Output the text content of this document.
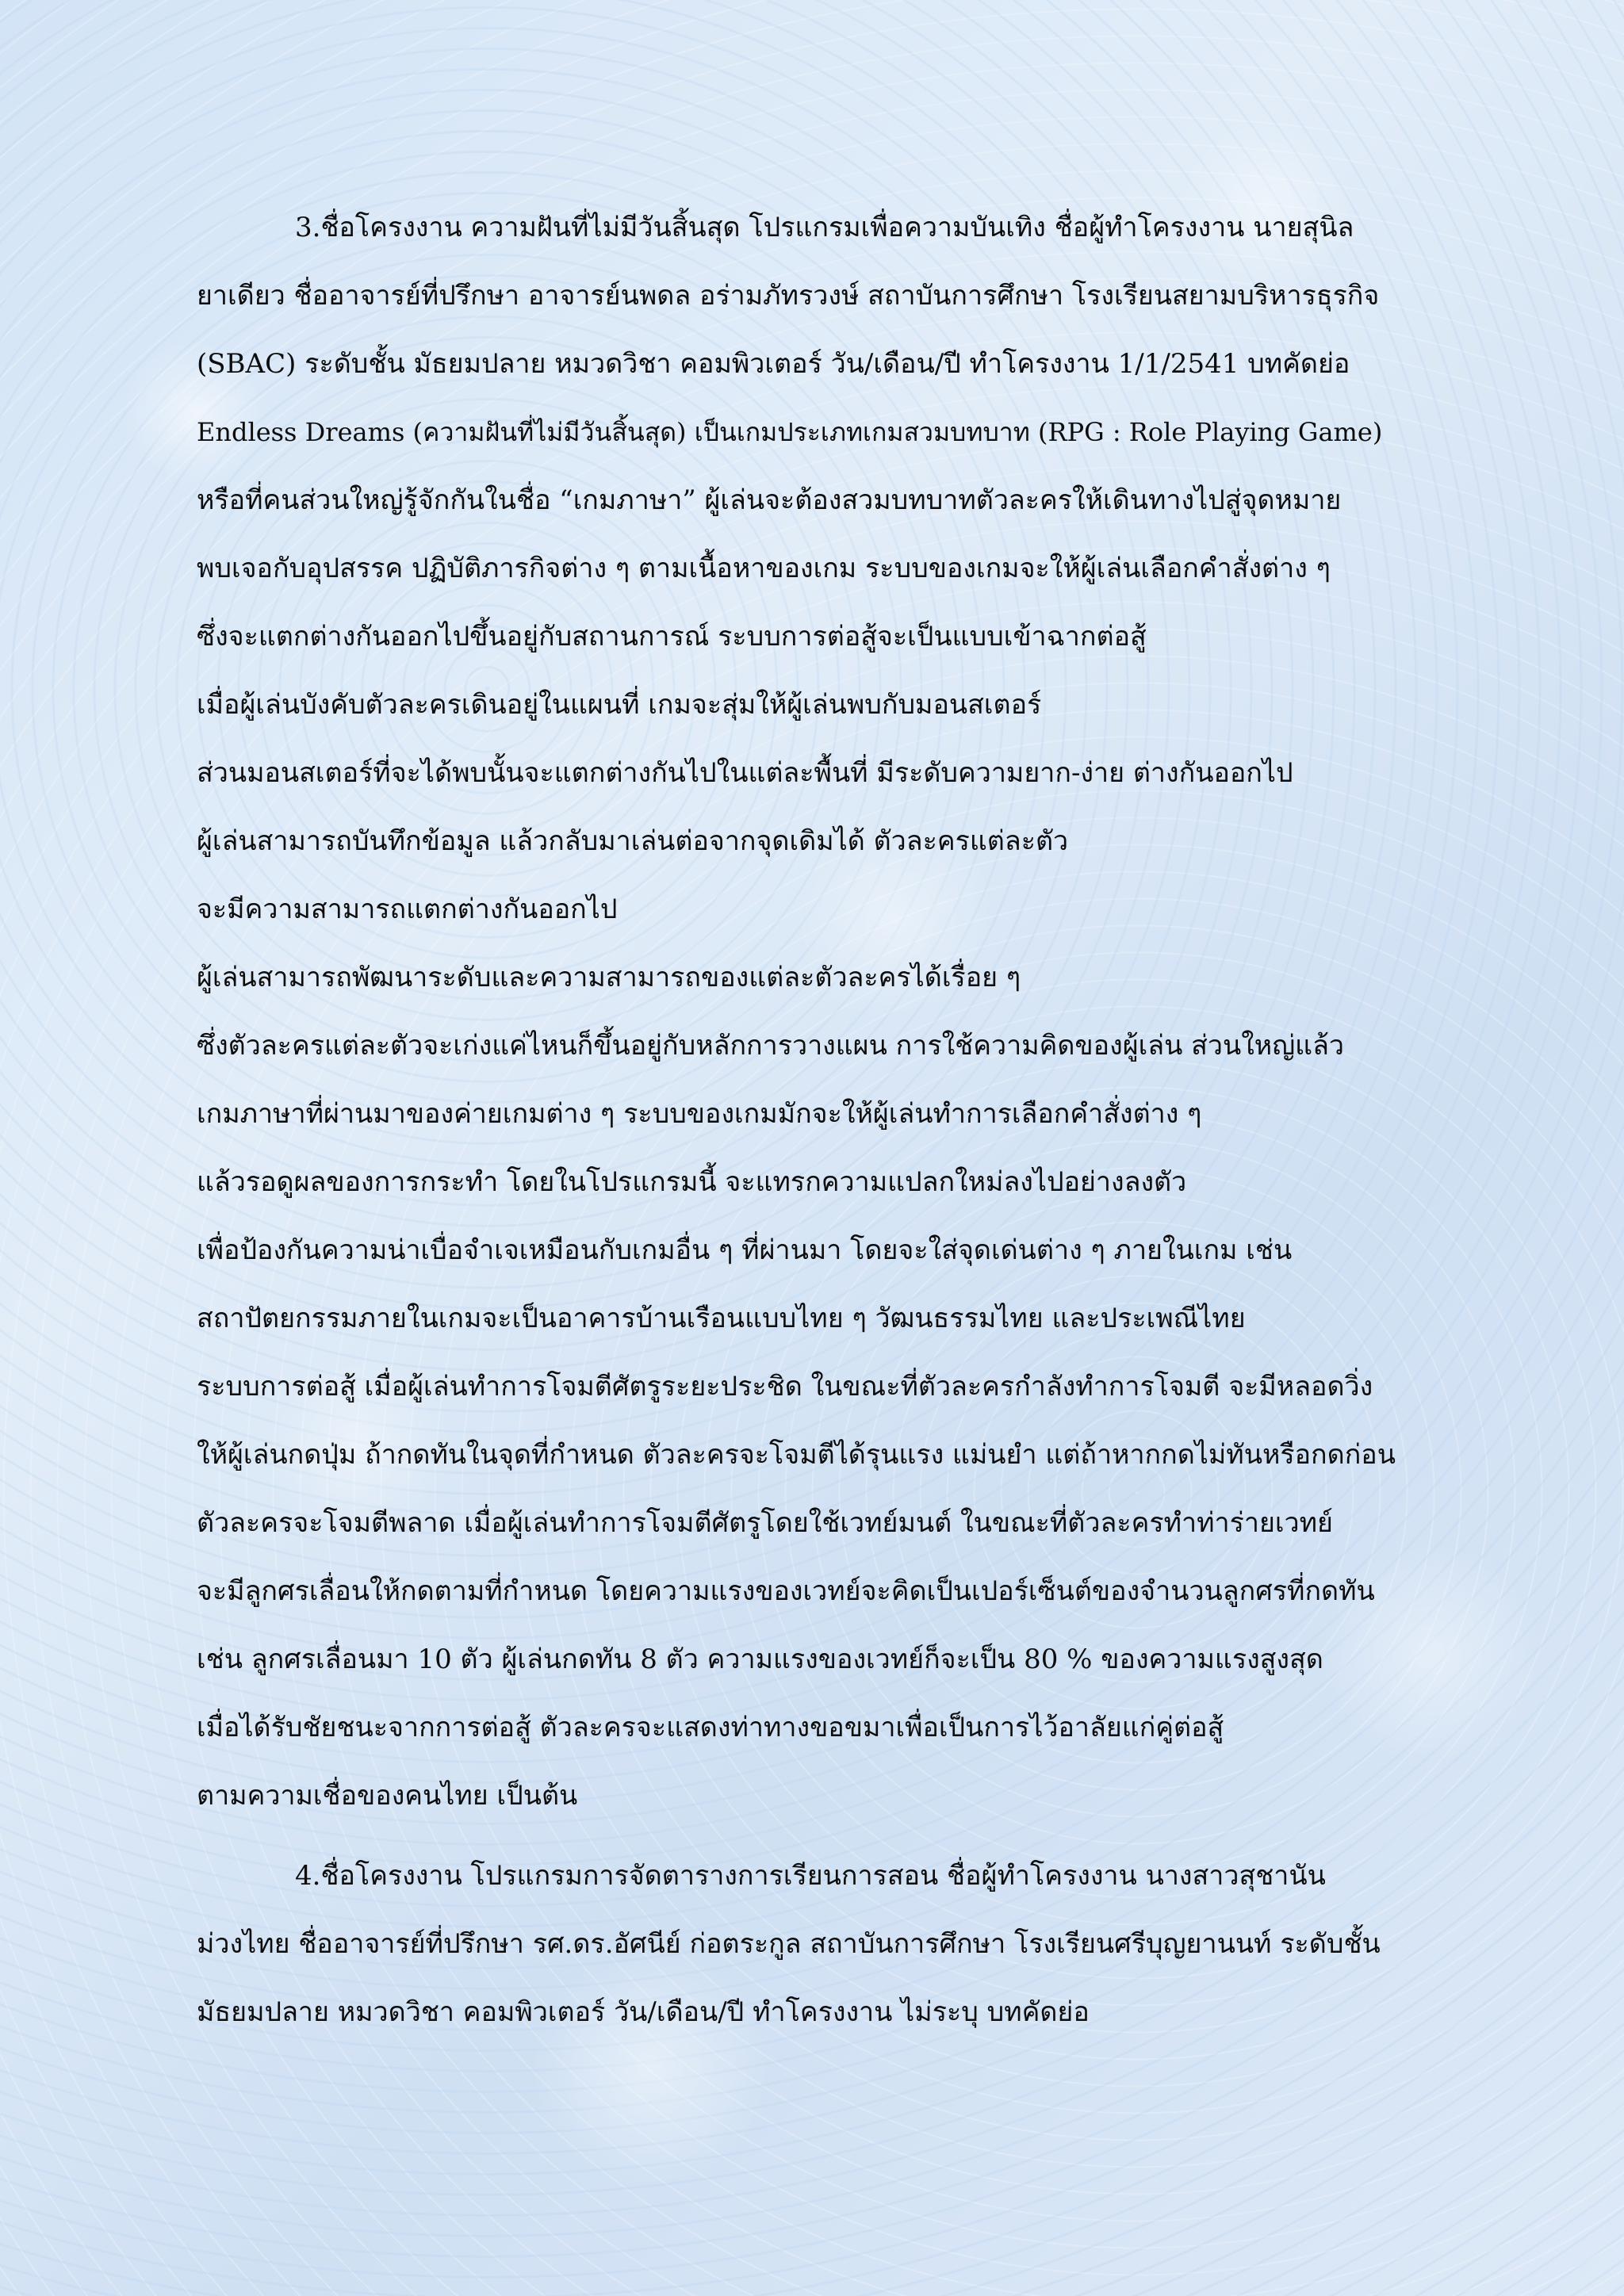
3.ชื่อโครงงาน ความฝันที่ไม่มีวันสิ้นสุด โปรแกรมเพื่อความบันเทิง ชื่อผู้ทำโครงงาน นายสุนิล
ยาเดียว ชื่ออาจารย์ที่ปรึกษา อาจารย์นพดล อร่ามภัทรวงษ์ สถาบันการศึกษา โรงเรียนสยามบริหารธุรกิจ
(SBAC) ระดับชั้น มัธยมปลาย หมวดวิชา คอมพิวเตอร์ วัน/เดือน/ปี ทำโครงงาน 1/1/2541 บทคัดย่อ
Endless Dreams (ความฝันที่ไม่มีวันสิ้นสุด) เป็นเกมประเภทเกมสวมบทบาท (RPG : Role Playing Game)
หรือที่คนส่วนใหญ่รู้จักกันในชื่อ “เกมภาษา” ผู้เล่นจะต้องสวมบทบาทตัวละครให้เดินทางไปสู่จุดหมาย
พบเจอกับอุปสรรค ปฏิบัติภารกิจต่าง ๆ ตามเนื้อหาของเกม ระบบของเกมจะให้ผู้เล่นเลือกคำสั่งต่าง ๆ
ซึ่งจะแตกต่างกันออกไปขึ้นอยู่กับสถานการณ์ ระบบการต่อสู้จะเป็นแบบเข้าฉากต่อสู้
เมื่อผู้เล่นบังคับตัวละครเดินอยู่ในแผนที่ เกมจะสุ่มให้ผู้เล่นพบกับมอนสเตอร์
ส่วนมอนสเตอร์ที่จะได้พบนั้นจะแตกต่างกันไปในแต่ละพื้นที่ มีระดับความยาก-ง่าย ต่างกันออกไป
ผู้เล่นสามารถบันทึกข้อมูล แล้วกลับมาเล่นต่อจากจุดเดิมได้ ตัวละครแต่ละตัว
จะมีความสามารถแตกต่างกันออกไป
ผู้เล่นสามารถพัฒนาระดับและความสามารถของแต่ละตัวละครได้เรื่อย ๆ
ซึ่งตัวละครแต่ละตัวจะเก่งแค่ไหนก็ขึ้นอยู่กับหลักการวางแผน การใช้ความคิดของผู้เล่น ส่วนใหญ่แล้ว
เกมภาษาที่ผ่านมาของค่ายเกมต่าง ๆ ระบบของเกมมักจะให้ผู้เล่นทำการเลือกคำสั่งต่าง ๆ
แล้วรอดูผลของการกระทำ โดยในโปรแกรมนี้ จะแทรกความแปลกใหม่ลงไปอย่างลงตัว
เพื่อป้องกันความน่าเบื่อจำเจเหมือนกับเกมอื่น ๆ ที่ผ่านมา โดยจะใส่จุดเด่นต่าง ๆ ภายในเกม เช่น
สถาปัตยกรรมภายในเกมจะเป็นอาคารบ้านเรือนแบบไทย ๆ วัฒนธรรมไทย และประเพณีไทย
ระบบการต่อสู้ เมื่อผู้เล่นทำการโจมตีศัตรูระยะประชิด ในขณะที่ตัวละครกำลังทำการโจมตี จะมีหลอดวิ่ง
ให้ผู้เล่นกดปุ่ม ถ้ากดทันในจุดที่กำหนด ตัวละครจะโจมตีได้รุนแรง แม่นยำ แต่ถ้าหากกดไม่ทันหรือกดก่อน
ตัวละครจะโจมตีพลาด เมื่อผู้เล่นทำการโจมตีศัตรูโดยใช้เวทย์มนต์ ในขณะที่ตัวละครทำท่าร่ายเวทย์
จะมีลูกศรเลื่อนให้กดตามที่กำหนด โดยความแรงของเวทย์จะคิดเป็นเปอร์เซ็นต์ของจำนวนลูกศรที่กดทัน
เช่น ลูกศรเลื่อนมา 10 ตัว ผู้เล่นกดทัน 8 ตัว ความแรงของเวทย์ก็จะเป็น 80 % ของความแรงสูงสุด
เมื่อได้รับชัยชนะจากการต่อสู้ ตัวละครจะแสดงท่าทางขอขมาเพื่อเป็นการไว้อาลัยแก่คู่ต่อสู้
ตามความเชื่อของคนไทย เป็นต้น
4.ชื่อโครงงาน โปรแกรมการจัดตารางการเรียนการสอน ชื่อผู้ทำโครงงาน นางสาวสุชานัน
ม่วงไทย ชื่ออาจารย์ที่ปรึกษา รศ.ดร.อัศนีย์ ก่อตระกูล สถาบันการศึกษา โรงเรียนศรีบุญยานนท์ ระดับชั้น
มัธยมปลาย หมวดวิชา คอมพิวเตอร์ วัน/เดือน/ปี ทำโครงงาน ไม่ระบุ บทคัดย่อ
